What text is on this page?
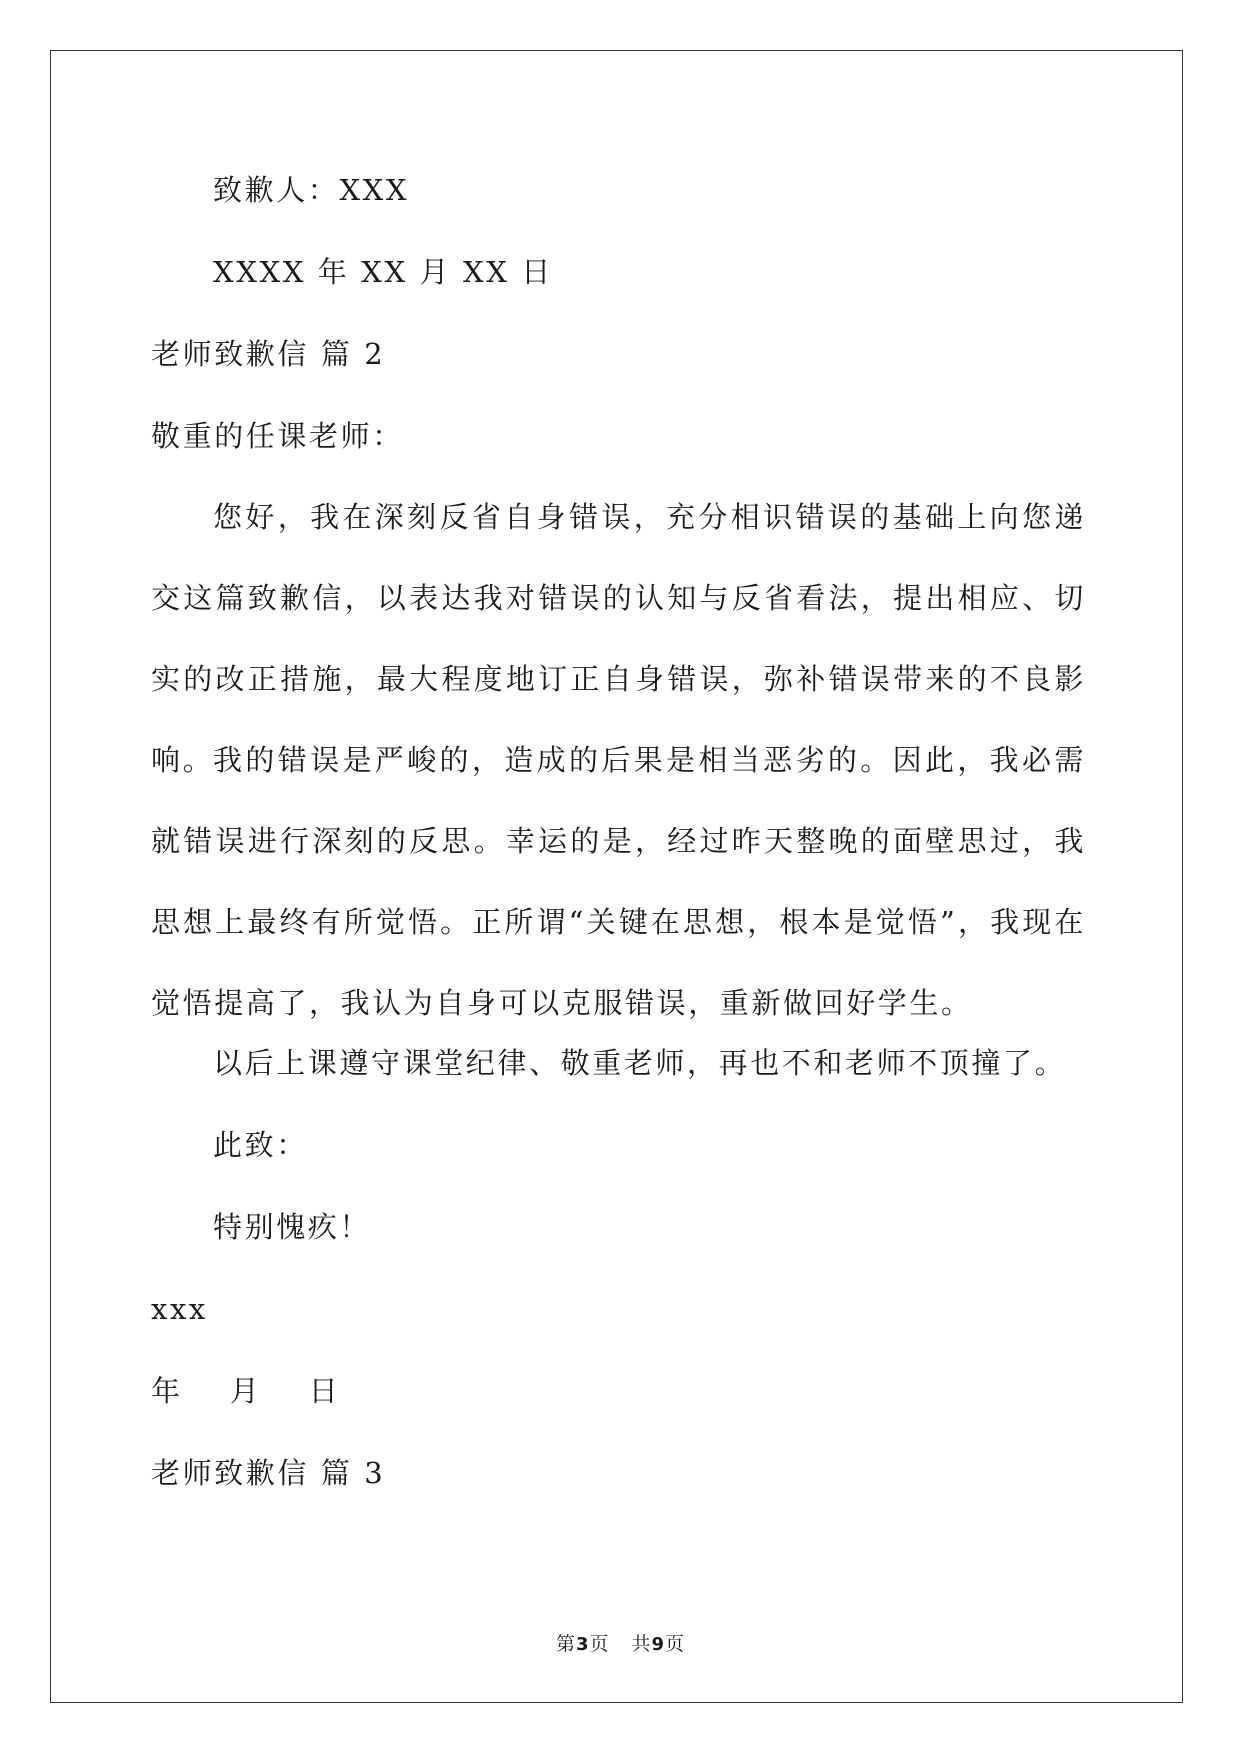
致歉人：XXX
XXXX 年 XX 月 XX 日
老师致歉信 篇 2
敬重的任课老师：
您好，我在深刻反省自身错误，充分相识错误的基础上向您递交这篇致歉信，以表达我对错误的认知与反省看法，提出相应、切实的改正措施，最大程度地订正自身错误，弥补错误带来的不良影响。
我的错误是严峻的，造成的后果是相当恶劣的。因此，我必需就错误进行深刻的反思。幸运的是，经过昨天整晚的面壁思过，我思想上最终有所觉悟。正所谓“关键在思想，根本是觉悟”，我现在觉悟提高了，我认为自身可以克服错误，重新做回好学生。
以后上课遵守课堂纪律、敬重老师，再也不和老师不顶撞了。
此致：
特别愧疚！
xxx
年    月    日
老师致歉信 篇 3
第3页 共9页
